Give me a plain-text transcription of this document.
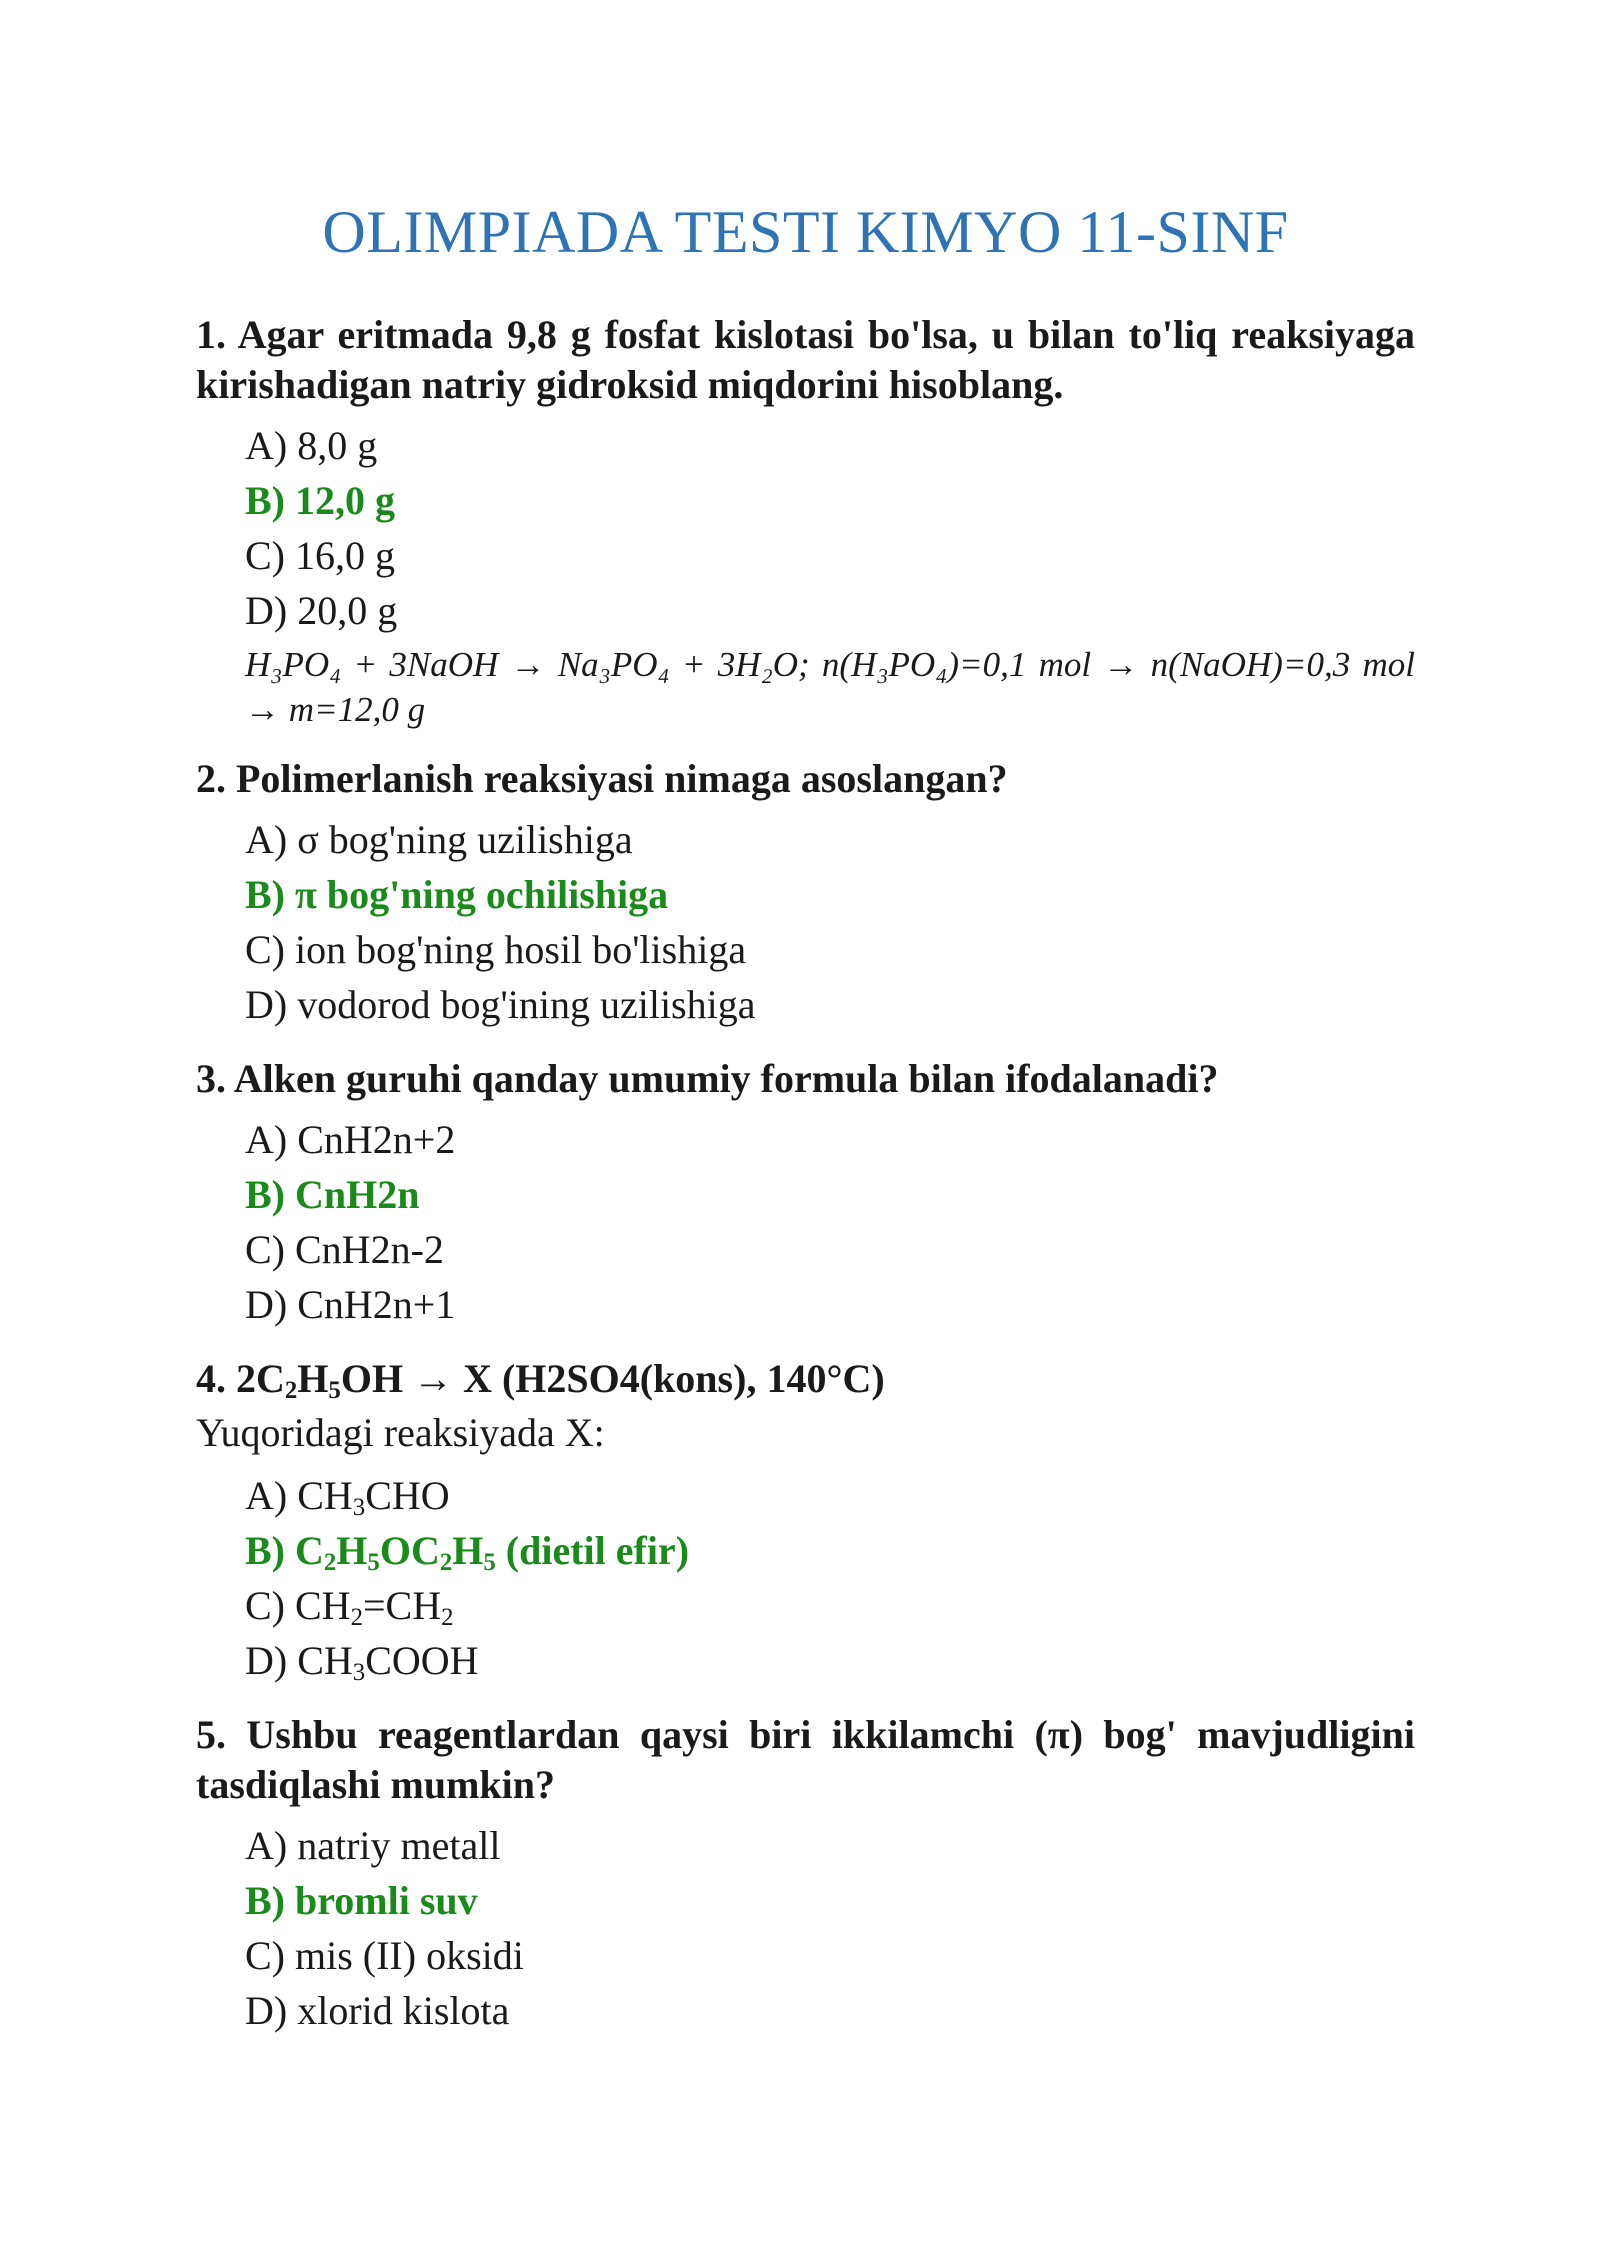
OLIMPIADA TESTI KIMYO 11-SINF

1. Agar eritmada 9,8 g fosfat kislotasi bo'lsa, u bilan to'liq reaksiyaga kirishadigan natriy gidroksid miqdorini hisoblang.

A) 8,0 g
B) 12,0 g
C) 16,0 g
D) 20,0 g
H₃PO₄ + 3NaOH → Na₃PO₄ + 3H₂O; n(H₃PO₄)=0,1 mol → n(NaOH)=0,3 mol → m=12,0 g

2. Polimerlanish reaksiyasi nimaga asoslangan?

A) σ bog'ning uzilishiga
B) π bog'ning ochilishiga
C) ion bog'ning hosil bo'lishiga
D) vodorod bog'ining uzilishiga

3. Alken guruhi qanday umumiy formula bilan ifodalanadi?

A) CnH2n+2
B) CnH2n
C) CnH2n-2
D) CnH2n+1

4. $2C_2H_5OH \to X$ (H2SO4(kons), 140°C)

Yuqoridagi reaksiyada X:
A) $CH_3CHO$
B) $C_2H_5OC_2H_5$ (dietil efir)
C) $CH_2=CH_2$
D) $CH_3COOH$

5. Ushbu reagentlardan qaysi biri ikkilamchi (π) bog' mavjudligini tasdiqlashi mumkin?

A) natriy metall
B) bromli suv
C) mis (II) oksidi
D) xlorid kislota
